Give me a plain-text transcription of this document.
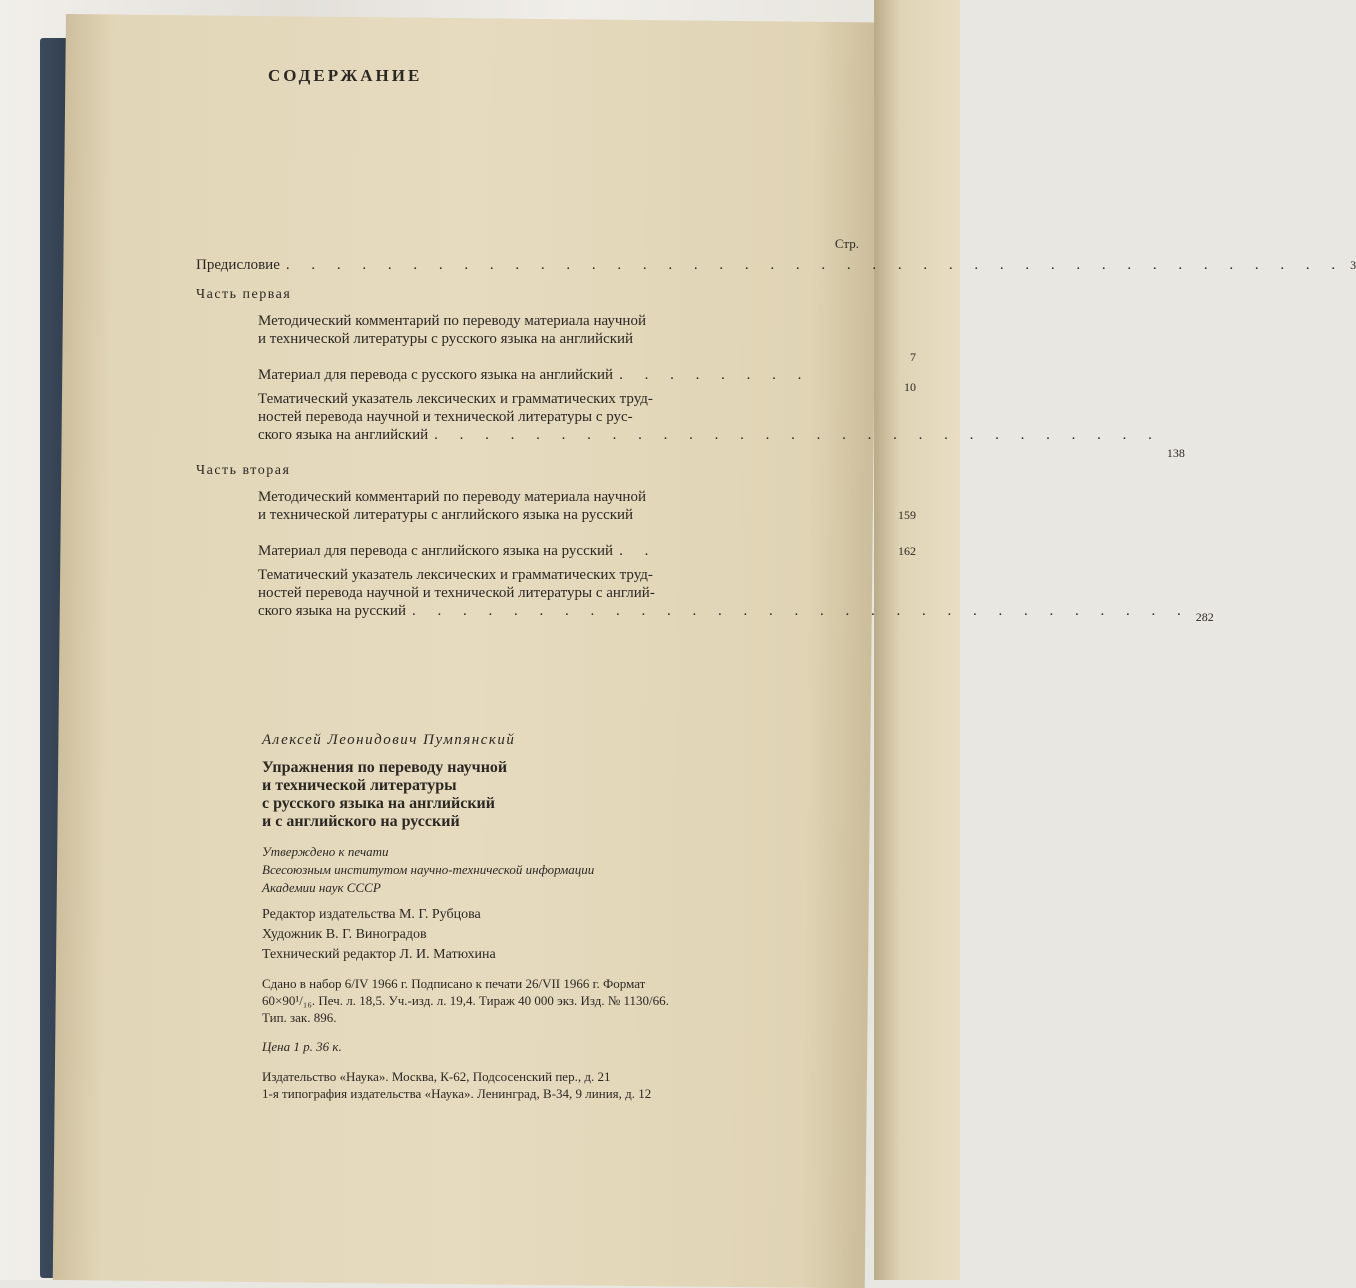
СОДЕРЖАНИЕ
Стр.
Предисловие . . . . . . . . . . . . . . . . . . . . . . . . . . . . . . . . . . . . . . . . . . 3
Часть первая
Методический комментарий по переводу материала научной
и технической литературы с русского языка на английский
7
Материал для перевода с русского языка на английский . . . . . . . .
10
Тематический указатель лексических и грамматических труд-
ностей перевода научной и технической литературы с рус-
ского языка на английский . . . . . . . . . . . . . . . . . . . . . . . . . . . . .
138
Часть вторая
Методический комментарий по переводу материала научной
и технической литературы с английского языка на русский	159
Материал для перевода с английского языка на русский . .	162
Тематический указатель лексических и грамматических труд-
ностей перевода научной и технической литературы с англий-
ского языка на русский . . . . . . . . . . . . . . . . . . . . . . . . . . . . . . . 282
Алексей Леонидович Пумпянский
Упражнения по переводу научной
и технической литературы
с русского языка на английский
и с английского на русский
Утверждено к печати
Всесоюзным институтом научно-технической информации
Академии наук СССР
Редактор издательства М. Г. Рубцова
Художник В. Г. Виноградов
Технический редактор Л. И. Матюхина
Сдано в набор 6/IV 1966 г. Подписано к печати 26/VII 1966 г. Формат
60×90¹/₁₆. Печ. л. 18,5. Уч.-изд. л. 19,4. Тираж 40 000 экз. Изд. № 1130/66.
Тип. зак. 896.
Цена 1 р. 36 к.
Издательство «Наука». Москва, К-62, Подсосенский пер., д. 21
1-я типография издательства «Наука». Ленинград, В-34, 9 линия, д. 12
